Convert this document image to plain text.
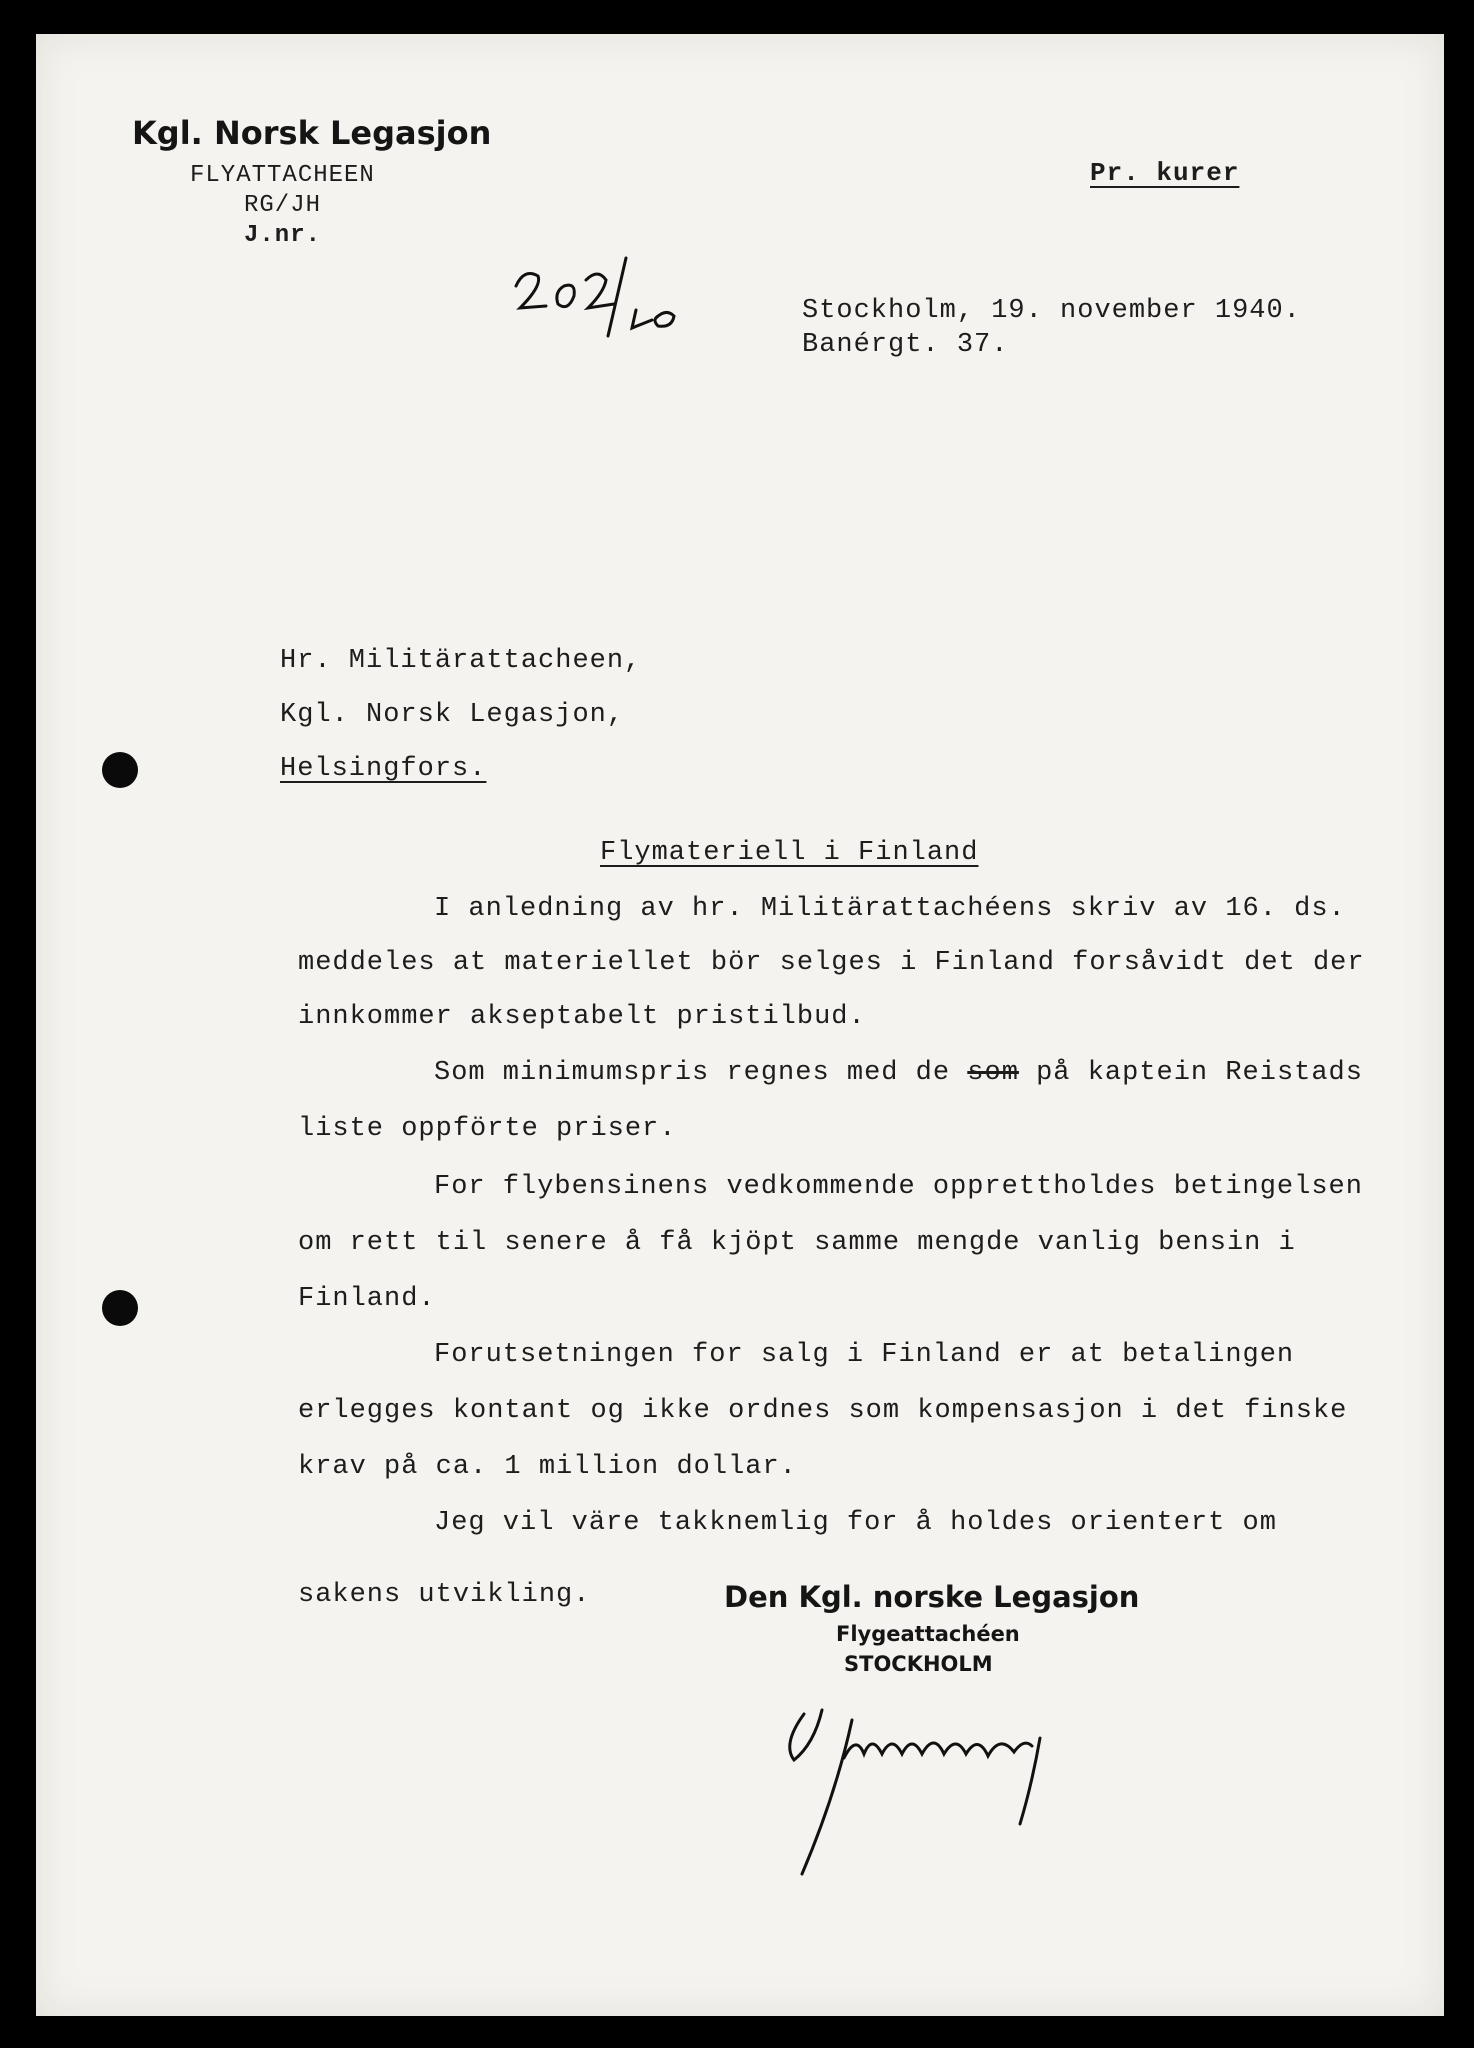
Kgl. Norsk Legasjon
FLYATTACHEEN
RG/JH
J.nr.
Pr. kurer
Stockholm, 19. november 1940.
Banérgt. 37.
Hr. Militärattacheen,
Kgl. Norsk Legasjon,
Helsingfors.
Flymateriell i Finland
I anledning av hr. Militärattachéens skriv av 16. ds.
meddeles at materiellet bör selges i Finland forsåvidt det der
innkommer akseptabelt pristilbud.
Som minimumspris regnes med de som på kaptein Reistads
liste oppförte priser.
For flybensinens vedkommende opprettholdes betingelsen
om rett til senere å få kjöpt samme mengde vanlig bensin i
Finland.
Forutsetningen for salg i Finland er at betalingen
erlegges kontant og ikke ordnes som kompensasjon i det finske
krav på ca. 1 million dollar.
Jeg vil väre takknemlig for å holdes orientert om
sakens utvikling.	Den Kgl. norske Legasjon
Flygeattachéen
STOCKHOLM
